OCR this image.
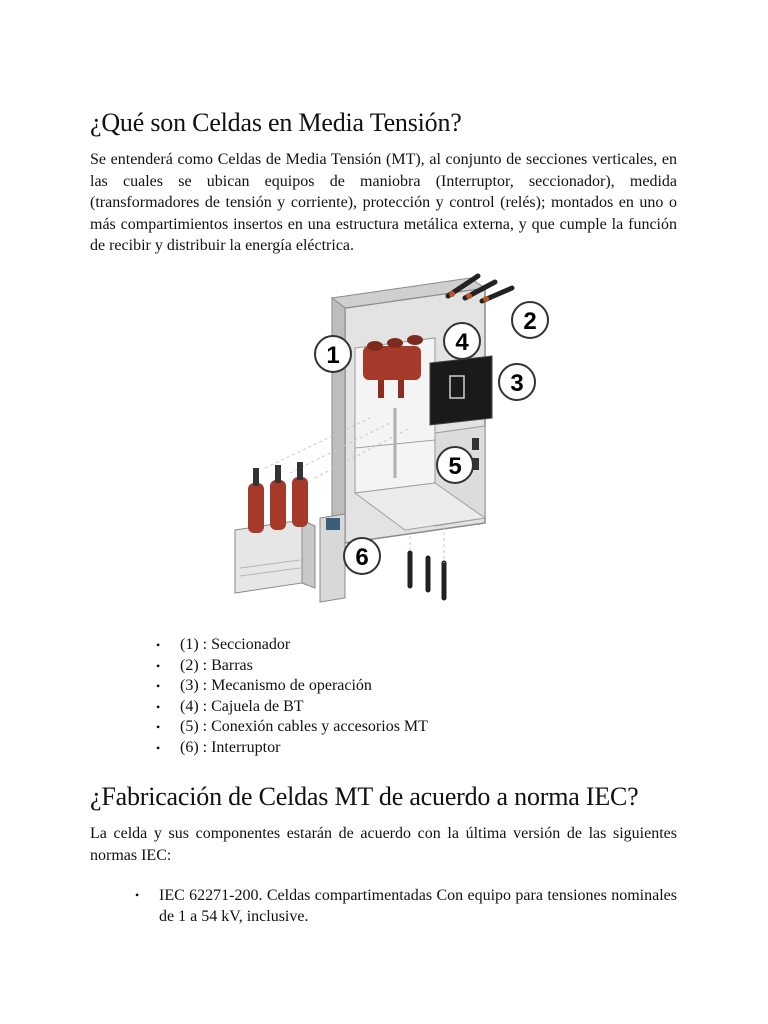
¿Qué son Celdas en Media Tensión?

Se entenderá como Celdas de Media Tensión (MT), al conjunto de secciones verticales, en las cuales se ubican equipos de maniobra (Interruptor, seccionador), medida (transformadores de tensión y corriente), protección y control (relés); montados en uno o más compartimientos insertos en una estructura metálica externa, y que cumple la función de recibir y distribuir la energía eléctrica.

1
2
3
4
5
6
• (1) : Seccionador
• (2) : Barras
• (3) : Mecanismo de operación
• (4) : Cajuela de BT
• (5) : Conexión cables y accesorios MT
• (6) : Interruptor
¿Fabricación de Celdas MT de acuerdo a norma IEC?

La celda y sus componentes estarán de acuerdo con la última versión de las siguientes normas IEC:

• IEC 62271-200. Celdas compartimentadas Con equipo para tensiones nominales de 1 a 54 kV, inclusive.
